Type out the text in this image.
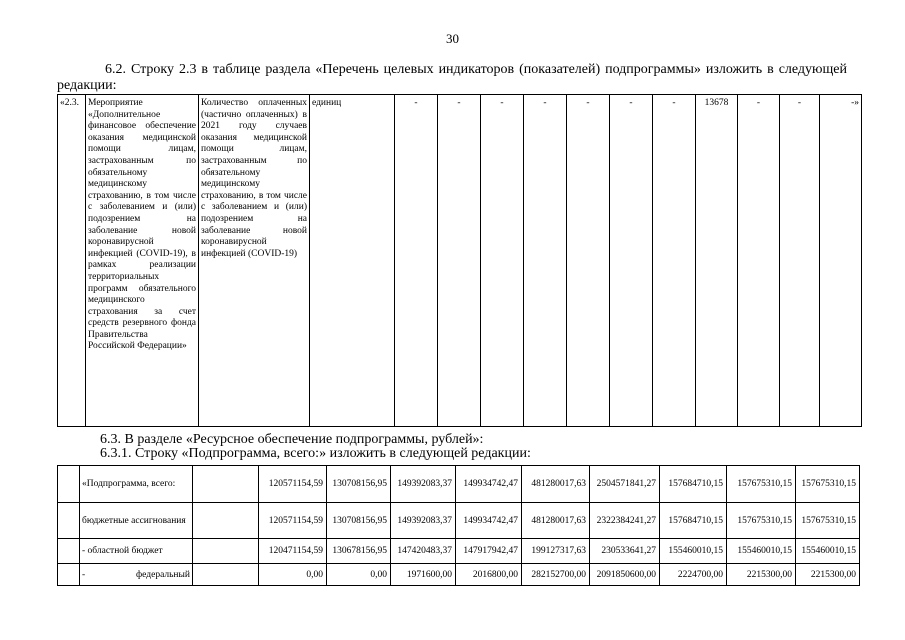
30
6.2. Строку 2.3 в таблице раздела «Перечень целевых индикаторов (показателей) подпрограммы» изложить в следующей редакции:
«2.3.	Мероприятие «Дополнительное финансовое обеспечение оказания медицинской помощи лицам, застрахованным по обязательному медицинскому страхованию, в том числе с заболеванием и (или) подозрением на заболевание новой коронавирусной инфекцией (COVID-19), в рамках реализации территориальных программ обязательного медицинского страхования за счет средств резервного фонда Правительства Российской Федерации»	Количество оплаченных (частично оплаченных) в 2021 году случаев оказания медицинской помощи лицам, застрахованным по обязательному медицинскому страхованию, в том числе с заболеванием и (или) подозрением на заболевание новой коронавирусной инфекцией (COVID-19)	единиц	-	-	-	-	-	-	-	13678	-	-	-»
6.3. В разделе «Ресурсное обеспечение подпрограммы, рублей»:
6.3.1. Строку «Подпрограмма, всего:» изложить в следующей редакции:
	«Подпрограмма, всего:		120571154,59	130708156,95	149392083,37	149934742,47	481280017,63	2504571841,27	157684710,15	157675310,15	157675310,15
	бюджетные ассигнования		120571154,59	130708156,95	149392083,37	149934742,47	481280017,63	2322384241,27	157684710,15	157675310,15	157675310,15
	- областной бюджет		120471154,59	130678156,95	147420483,37	147917942,47	199127317,63	230533641,27	155460010,15	155460010,15	155460010,15

	- федеральный		0,00	0,00	1971600,00	2016800,00	282152700,00	2091850600,00	2224700,00	2215300,00	2215300,00
